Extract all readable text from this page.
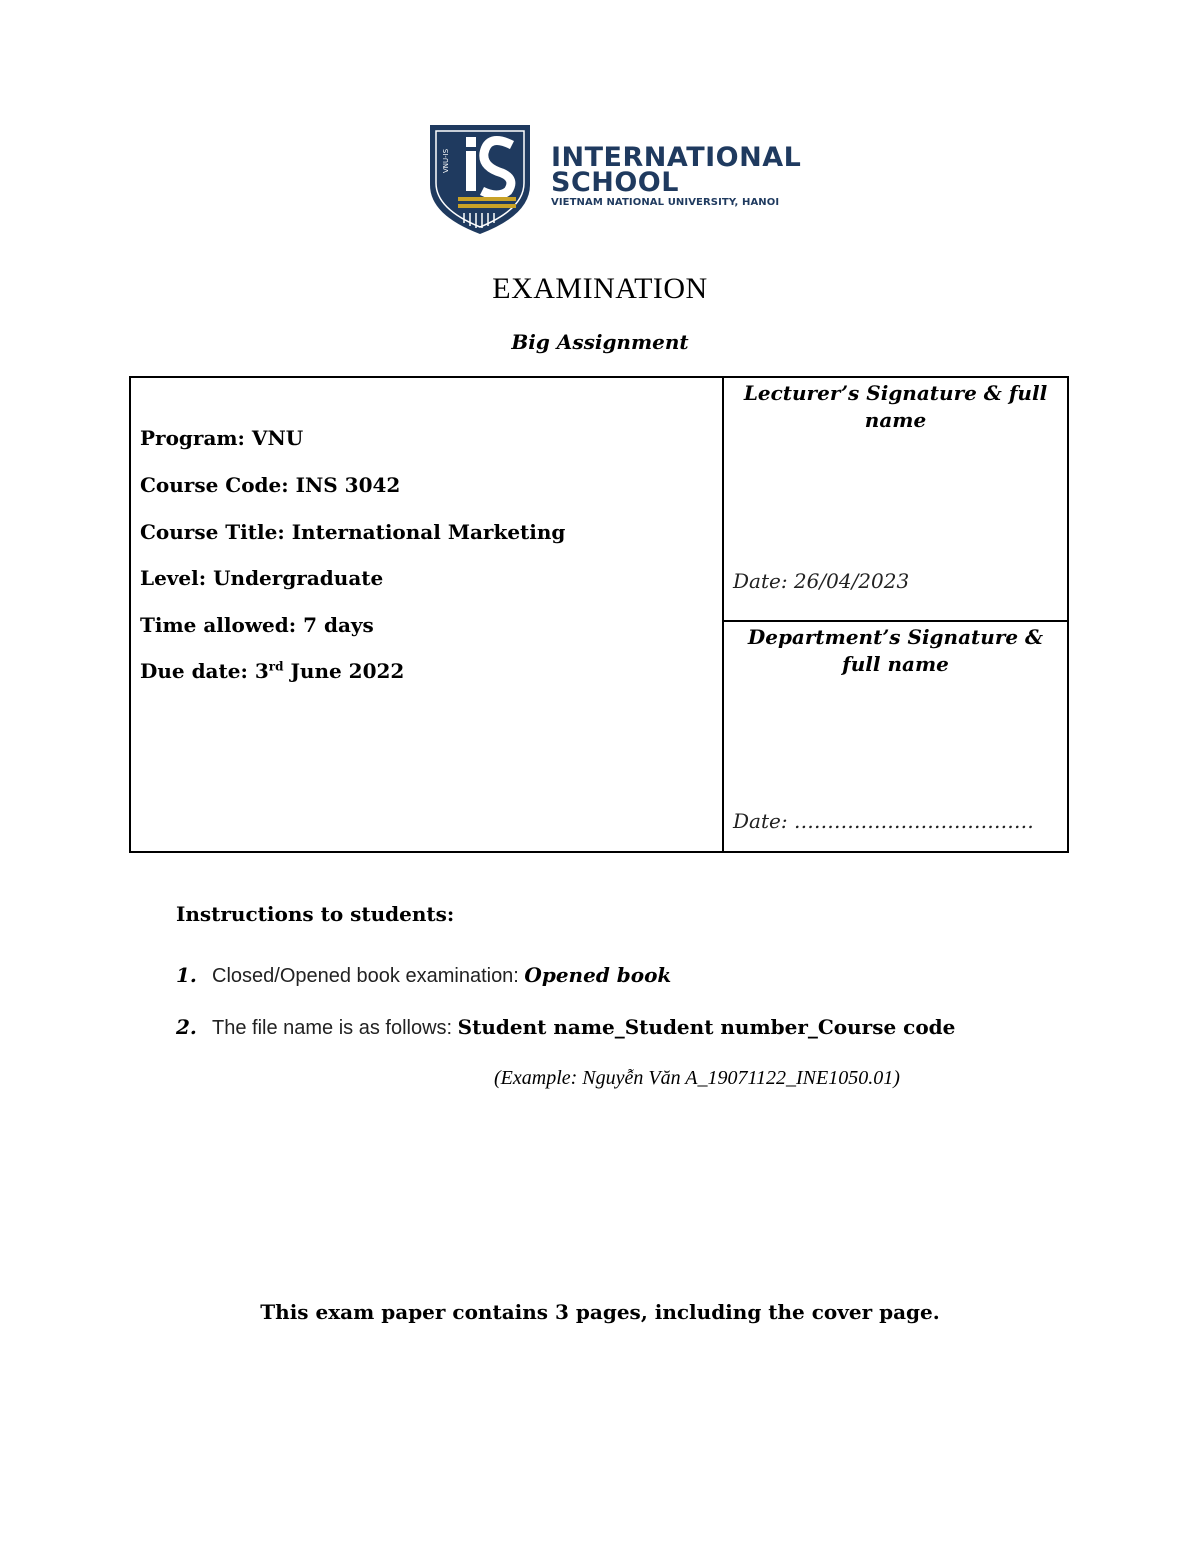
VNU-IS	INTERNATIONAL
SCHOOL
VIETNAM NATIONAL UNIVERSITY, HANOI
EXAMINATION
Big Assignment
Program: VNU
Course Code: INS 3042
Course Title: International Marketing
Level: Undergraduate
Time allowed: 7 days
Due date: 3rd June 2022
Lecturer’s Signature & full name
Date: 26/04/2023
Department’s Signature & full name
Date: ………………………………
Instructions to students:
1. Closed/Opened book examination: Opened book
2. The file name is as follows: Student name_Student number_Course code
(Example: Nguyễn Văn A_19071122_INE1050.01)
This exam paper contains 3 pages, including the cover page.
